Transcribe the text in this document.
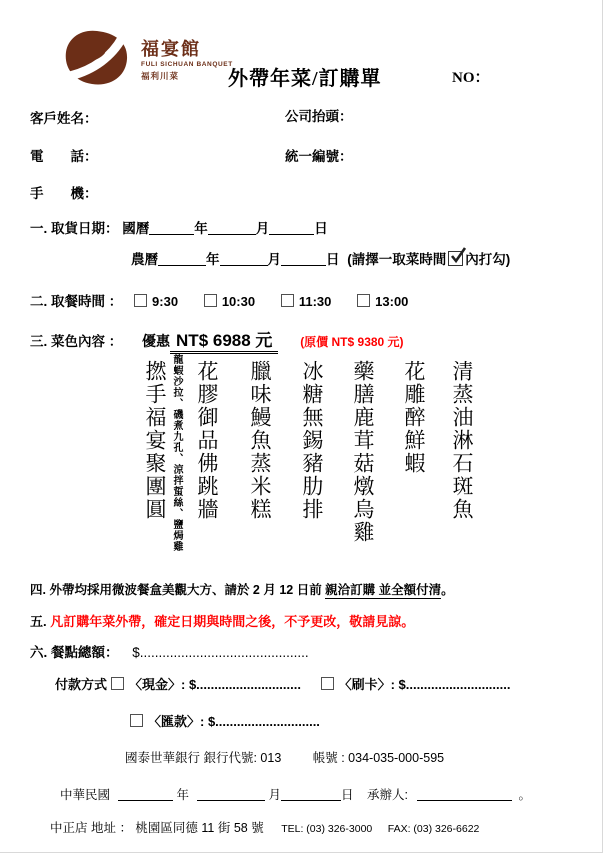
福宴館
FULI SICHUAN BANQUET
福利川菜	外帶年菜/訂購單	NO：
客戶姓名：	公司抬頭：
電　　話：	統一編號：
手　　機：
一. 取貨日期： 國曆	年	月	日
農曆	年	月	日 (請擇一取菜時間 內打勾)
二. 取餐時間 ： 9:30	10:30	11:30	13:00
三. 菜色內容 ： 優惠 NT$ 6988 元 (原價 NT$ 9380 元)
清蒸油淋石斑魚
花雕醉鮮蝦
藥膳鹿茸菇燉烏雞
冰糖無錫豬肋排
臘味鰻魚蒸米糕
花膠御品佛跳牆
龍蝦沙拉、磯煮九孔、涼拌蜇絲、鹽焗雞
撚手福宴聚團圓
四. 外帶均採用微波餐盒美觀大方、請於 2 月 12 日前 親洽訂購 並全額付清。
五. 凡訂購年菜外帶，確定日期與時間之後，不予更改，敬請見諒。
六. 餐點總額： $.............................................
付款方式 〈現金〉: $.............................	〈刷卡〉: $.............................
〈匯款〉: $.............................
國泰世華銀行 銀行代號: 013	帳號 : 034-035-000-595
中華民國	年	月	日 承辦人:	。
中正店 地址 ： 桃園區同德 11 街 58 號 TEL: (03) 326-3000 FAX: (03) 326-6622
